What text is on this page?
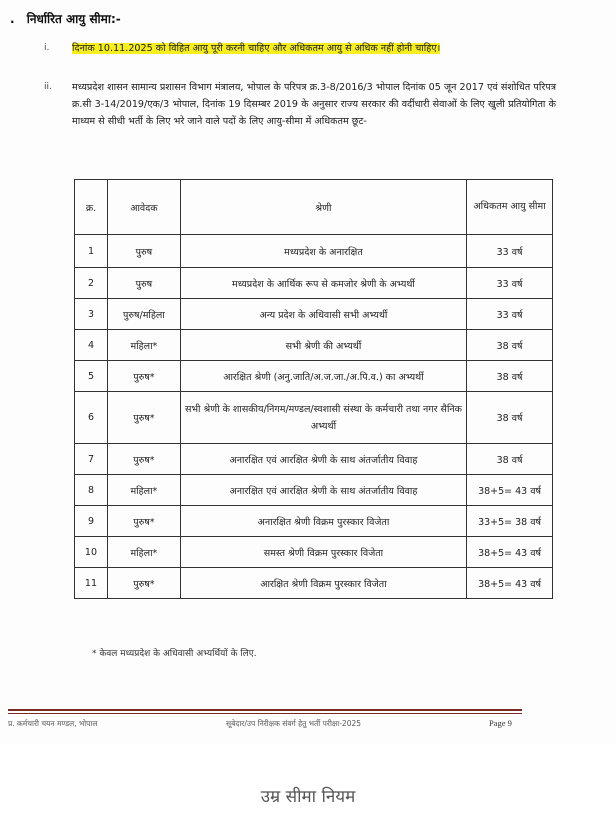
. निर्धारित आयु सीमा:-
i. दिनांक 10.11.2025 को विहित आयु पूरी करनी चाहिए और अधिकतम आयु से अधिक नहीं होनी चाहिए।
ii. मध्यप्रदेश शासन सामान्य प्रशासन विभाग मंत्रालय, भोपाल के परिपत्र क्र.3-8/2016/3 भोपाल दिनांक 05 जून 2017 एवं संशोधित परिपत्र क्र.सी 3-14/2019/एक/3 भोपाल, दिनांक 19 दिसम्बर 2019 के अनुसार राज्य सरकार की वर्दीधारी सेवाओं के लिए खुली प्रतियोगिता के माध्यम से सीधी भर्ती के लिए भरे जाने वाले पदों के लिए आयु-सीमा में अधिकतम छूट-
क्र.	आवेदक	श्रेणी	अधिकतम आयु सीमा
1	पुरुष	मध्यप्रदेश के अनारक्षित	33 वर्ष
2	पुरुष	मध्यप्रदेश के आर्थिक रूप से कमजोर श्रेणी के अभ्यर्थी	33 वर्ष
3	पुरुष/महिला	अन्य प्रदेश के अधिवासी सभी अभ्यर्थी	33 वर्ष
4	महिला*	सभी श्रेणी की अभ्यर्थी	38 वर्ष
5	पुरुष*	आरक्षित श्रेणी (अनु.जाति/अ.ज.जा./अ.पि.व.) का अभ्यर्थी	38 वर्ष
6	पुरुष*	सभी श्रेणी के शासकीय/निगम/मण्डल/स्वशासी संस्था के कर्मचारी तथा नगर सैनिक अभ्यर्थी	38 वर्ष
7	पुरुष*	अनारक्षित एवं आरक्षित श्रेणी के साथ अंतर्जातीय विवाह	38 वर्ष
8	महिला*	अनारक्षित एवं आरक्षित श्रेणी के साथ अंतर्जातीय विवाह	38+5= 43 वर्ष
9	पुरुष*	अनारक्षित श्रेणी विक्रम पुरस्कार विजेता	33+5= 38 वर्ष
10	महिला*	समस्त श्रेणी विक्रम पुरस्कार विजेता	38+5= 43 वर्ष
11	पुरुष*	आरक्षित श्रेणी विक्रम पुरस्कार विजेता	38+5= 43 वर्ष
* केवल मध्यप्रदेश के अधिवासी अभ्यर्थियों के लिए.
प्र. कर्मचारी चयन मण्डल, भोपाल	सूबेदार/उप निरीक्षक संवर्ग हेतु भर्ती परीक्षा-2025	Page 9
उम्र सीमा नियम
